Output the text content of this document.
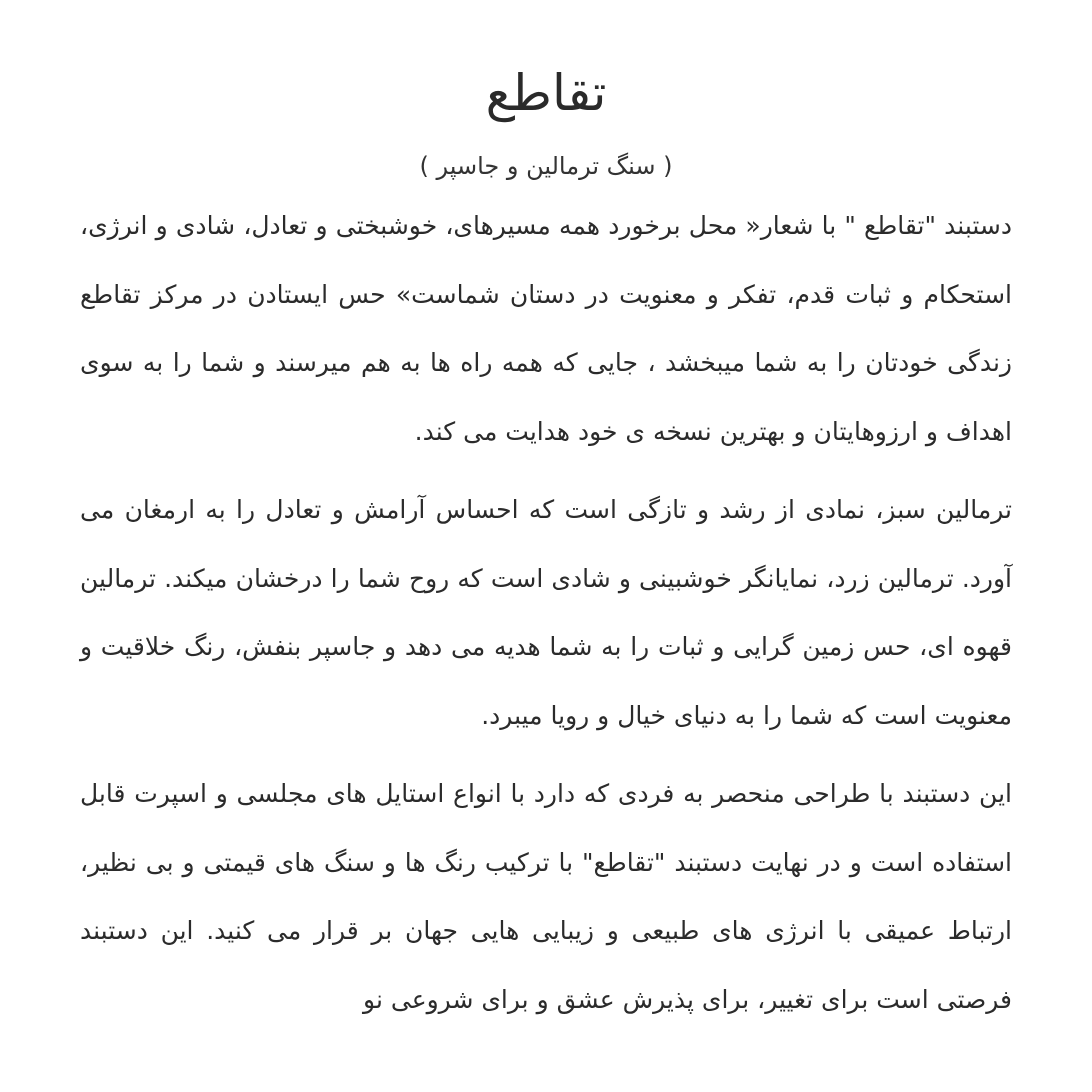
تقاطع
( سنگ ترمالین و جاسپر )

دستبند "تقاطع " با شعار« محل برخورد همه مسیرهای، خوشبختی و تعادل، شادی و انرژی، استحکام و ثبات قدم، تفکر و معنویت در دستان شماست» حس ایستادن در مرکز تقاطع زندگی خودتان را به شما میبخشد ، جایی که همه راه ها به هم میرسند و شما را به سوی اهداف و ارزوهایتان و بهترین نسخه ی خود هدایت می کند.

ترمالین سبز، نمادی از رشد و تازگی است که احساس آرامش و تعادل را به ارمغان می آورد. ترمالین زرد، نمایانگر خوشبینی و شادی است که روح شما را درخشان میکند. ترمالین قهوه ای، حس زمین گرایی و ثبات را به شما هدیه می دهد و جاسپر بنفش، رنگ خلاقیت و معنویت است که شما را به دنیای خیال و رویا میبرد.

این دستبند با طراحی منحصر به فردی که دارد با انواع استایل های مجلسی و اسپرت قابل استفاده است و در نهایت دستبند "تقاطع" با ترکیب رنگ ها و سنگ های قیمتی و بی نظیر، ارتباط عمیقی با انرژی های طبیعی و زیبایی هایی جهان بر قرار می کنید. این دستبند فرصتی است برای تغییر، برای پذیرش عشق و برای شروعی نو
